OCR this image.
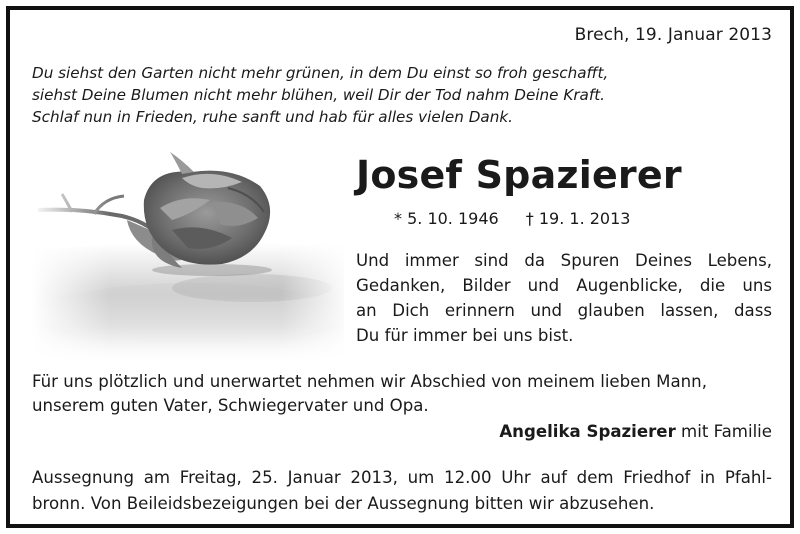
Brech, 19. Januar 2013
Du siehst den Garten nicht mehr grünen, in dem Du einst so froh geschafft,
siehst Deine Blumen nicht mehr blühen, weil Dir der Tod nahm Deine Kraft.
Schlaf nun in Frieden, ruhe sanft und hab für alles vielen Dank.
Josef Spazierer
* 5. 10. 1946 † 19. 1. 2013
Und immer sind da Spuren Deines Lebens,
Gedanken, Bilder und Augenblicke, die uns
an Dich erinnern und glauben lassen, dass
Du für immer bei uns bist.
Für uns plötzlich und unerwartet nehmen wir Abschied von meinem lieben Mann,
unserem guten Vater, Schwiegervater und Opa.
Angelika Spazierer mit Familie
Aussegnung am Freitag, 25. Januar 2013, um 12.00 Uhr auf dem Friedhof in Pfahl-
bronn. Von Beileidsbezeigungen bei der Aussegnung bitten wir abzusehen.
